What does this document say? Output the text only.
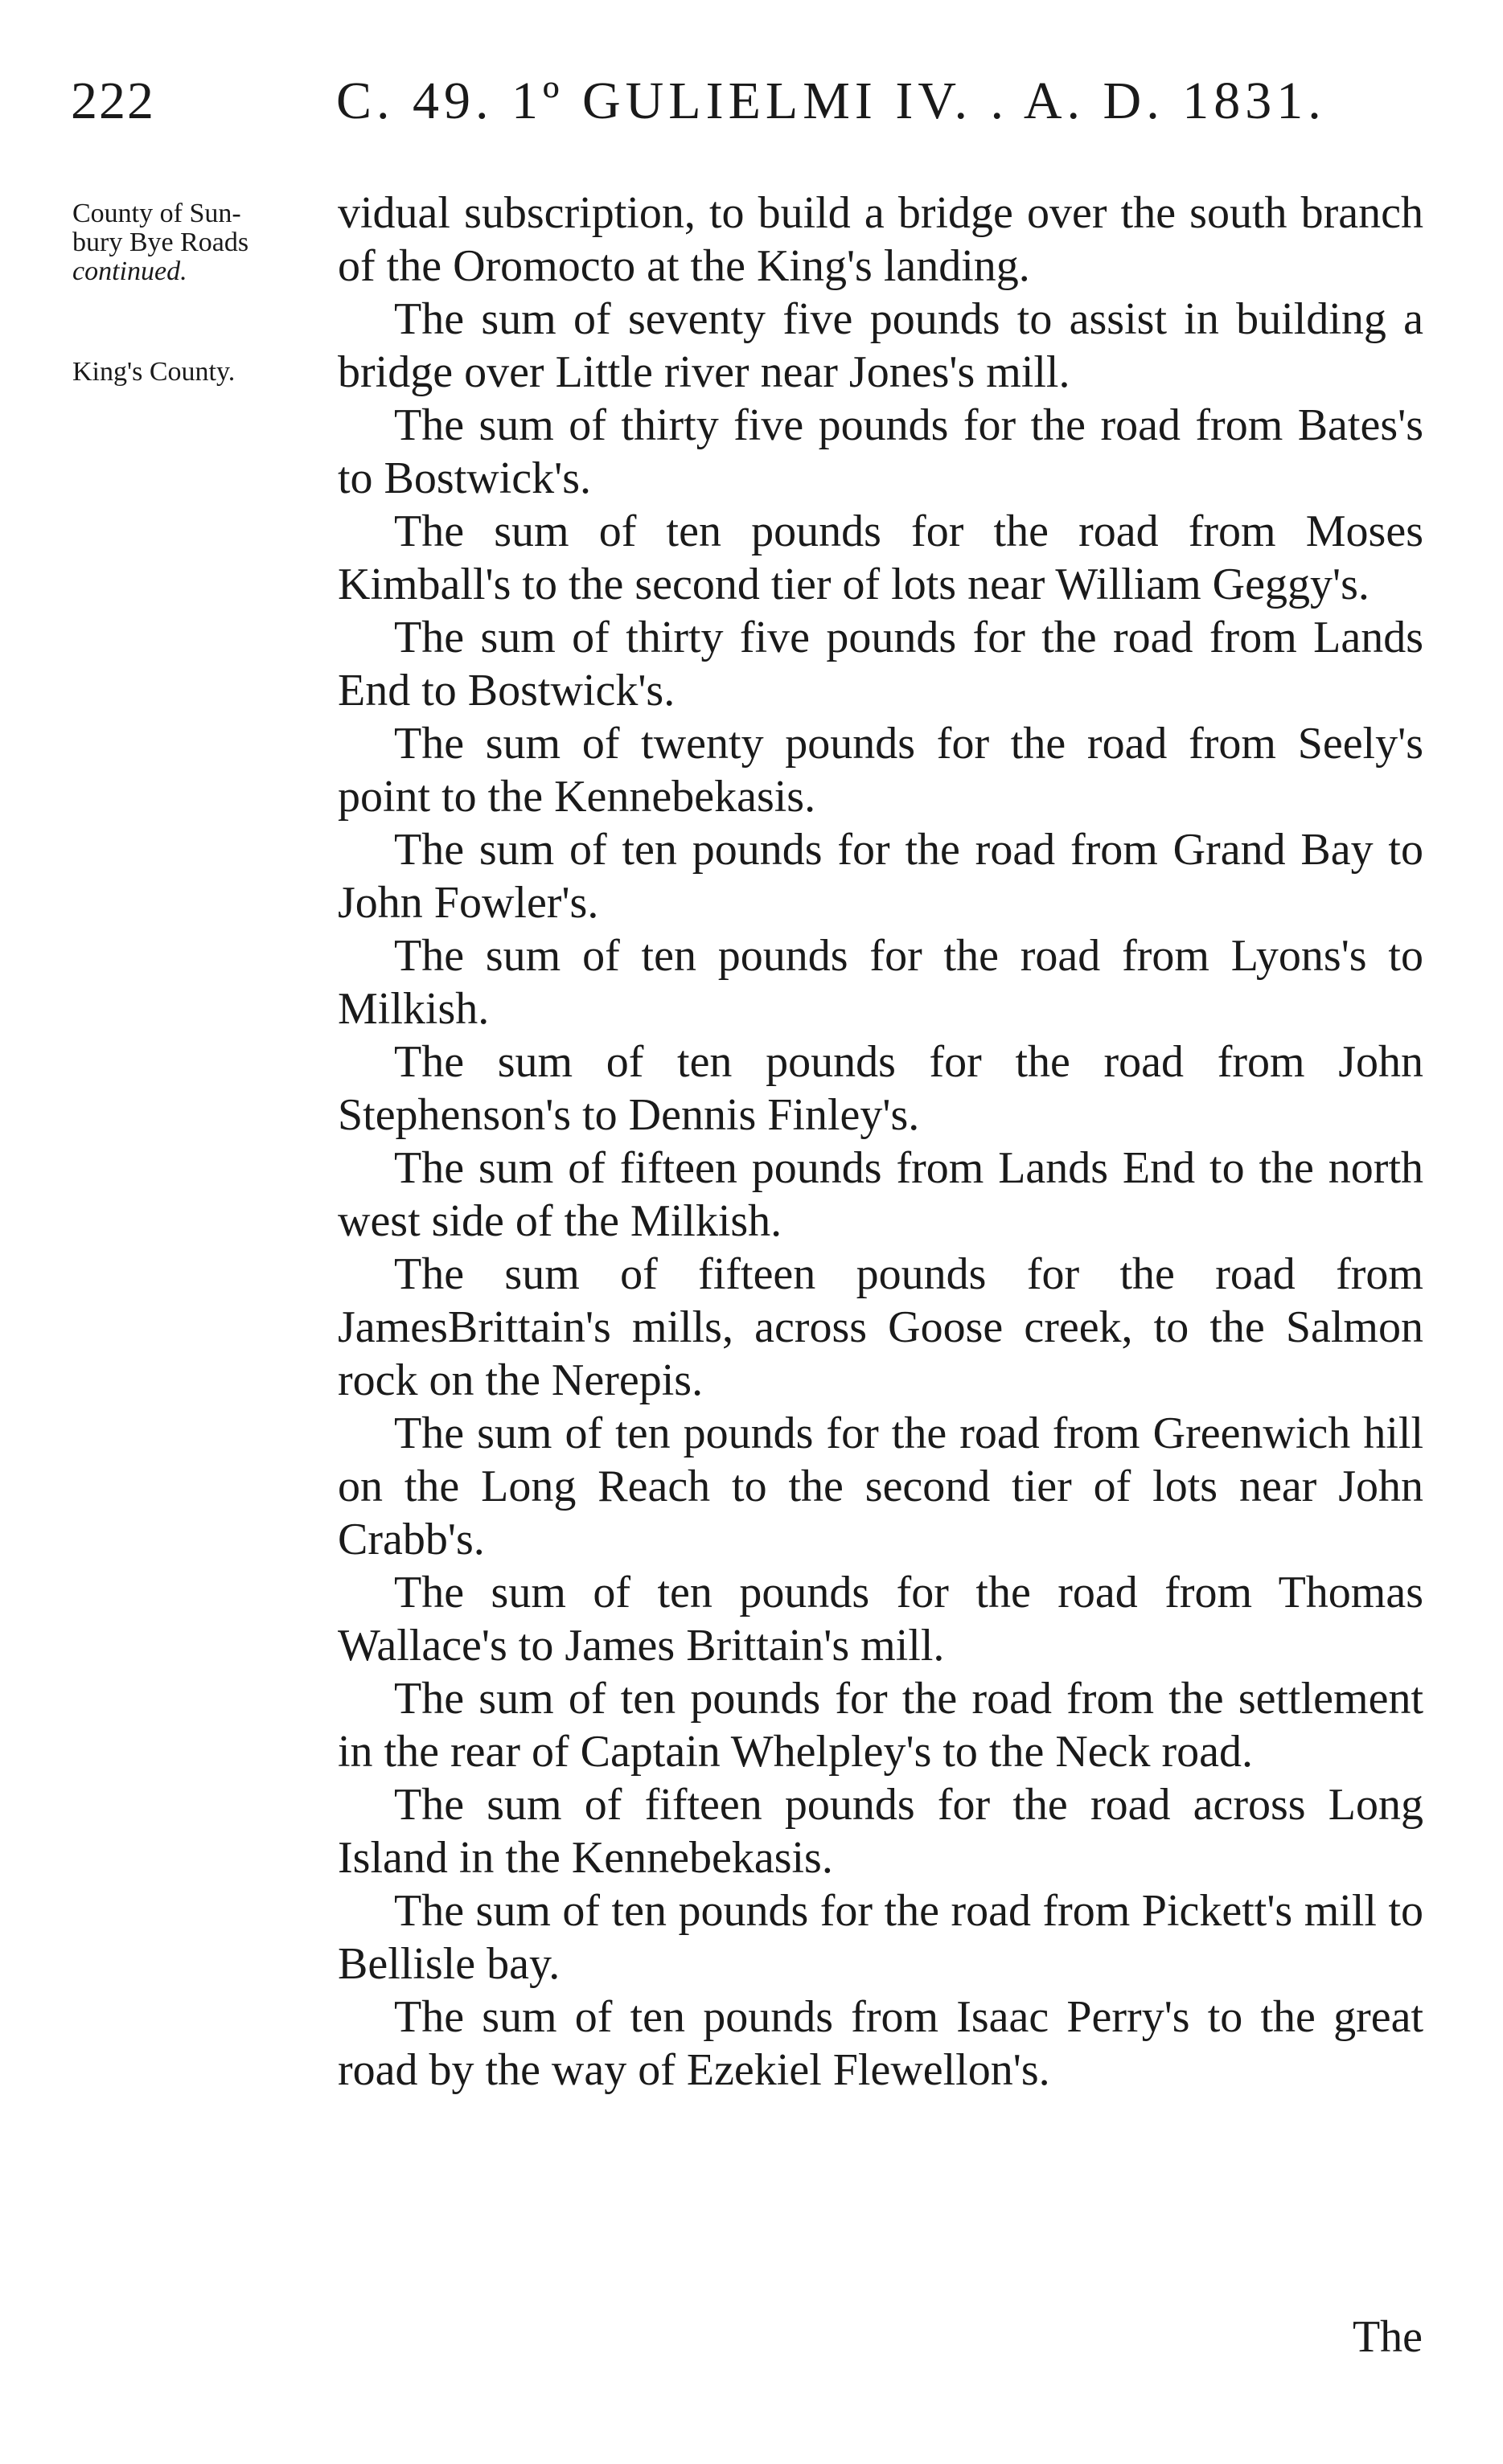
222	C. 49. 1º GULIELMI IV. . A. D. 1831.
County of Sun-
bury Bye Roads
continued.
King's County.

vidual subscription, to build a bridge over the south branch of the Oromocto at the King's landing.

The sum of seventy five pounds to assist in building a bridge over Little river near Jones's mill.

The sum of thirty five pounds for the road from Bates's to Bostwick's.

The sum of ten pounds for the road from Moses Kimball's to the second tier of lots near William Geggy's.

The sum of thirty five pounds for the road from Lands End to Bostwick's.

The sum of twenty pounds for the road from Seely's point to the Kennebekasis.

The sum of ten pounds for the road from Grand Bay to John Fowler's.

The sum of ten pounds for the road from Lyons's to Milkish.

The sum of ten pounds for the road from John Stephenson's to Dennis Finley's.

The sum of fifteen pounds from Lands End to the north west side of the Milkish.

The sum of fifteen pounds for the road from JamesBrittain's mills, across Goose creek, to the Salmon rock on the Nerepis.

The sum of ten pounds for the road from Greenwich hill on the Long Reach to the second tier of lots near John Crabb's.

The sum of ten pounds for the road from Thomas Wallace's to James Brittain's mill.

The sum of ten pounds for the road from the settlement in the rear of Captain Whelpley's to the Neck road.

The sum of fifteen pounds for the road across Long Island in the Kennebekasis.

The sum of ten pounds for the road from Pickett's mill to Bellisle bay.

The sum of ten pounds from Isaac Perry's to the great road by the way of Ezekiel Flewellon's.

The
